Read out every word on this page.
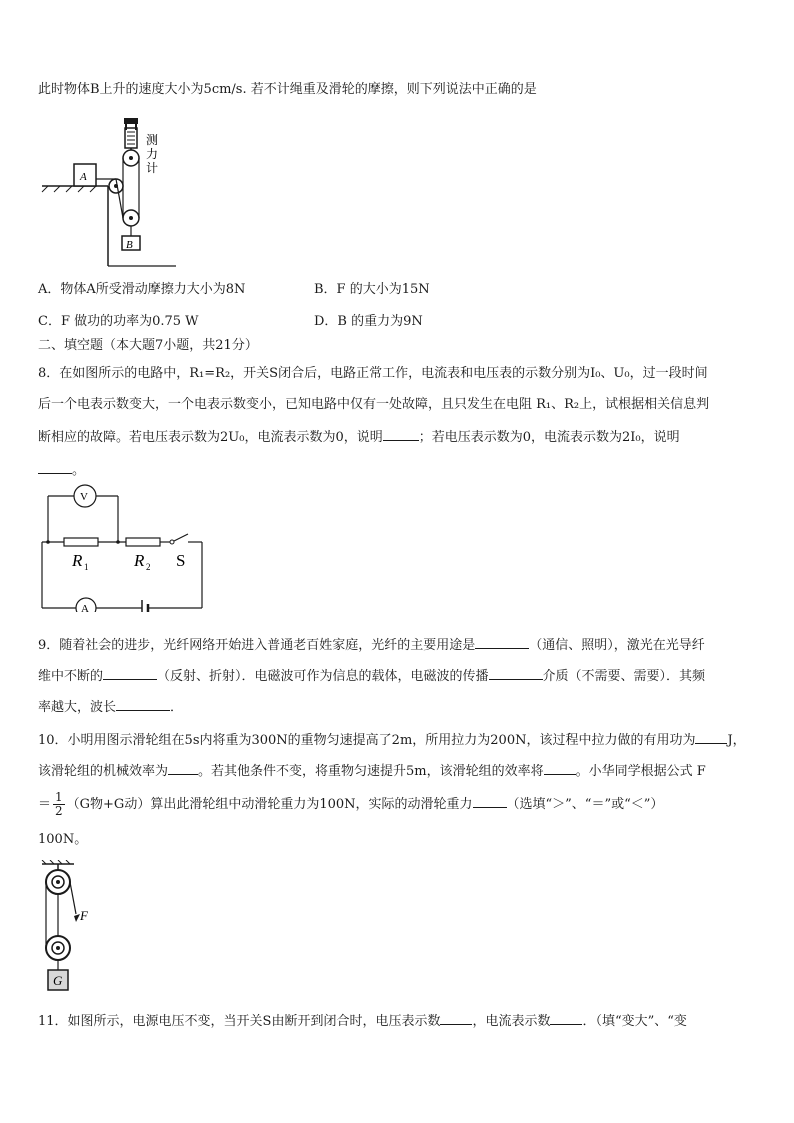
此时物体B上升的速度大小为5cm/s. 若不计绳重及滑轮的摩擦，则下列说法中正确的是
测
力
计
B
A
A．物体A所受滑动摩擦力大小为8N	B．F 的大小为15N
C．F 做功的功率为0.75 W	D．B 的重力为9N
二、填空题（本大题7小题，共21分）
8．在如图所示的电路中，R₁=R₂，开关S闭合后，电路正常工作，电流表和电压表的示数分别为I₀、U₀，过一段时间
后一个电表示数变大，一个电表示数变小，已知电路中仅有一处故障，且只发生在电阻 R₁、R₂上，试根据相关信息判
断相应的故障。若电压表示数为2U₀，电流表示数为0，说明	；若电压表示数为0，电流表示数为2I₀，说明
。
V
R 1	R 2 S
A
9．随着社会的进步，光纤网络开始进入普通老百姓家庭，光纤的主要用途是	（通信、照明），激光在光导纤
维中不断的	（反射、折射）．电磁波可作为信息的载体，电磁波的传播	介质（不需要、需要）．其频
率越大，波长	．
10．小明用图示滑轮组在5s内将重为300N的重物匀速提高了2m，所用拉力为200N，该过程中拉力做的有用功为 J，
该滑轮组的机械效率为 。若其他条件不变，将重物匀速提升5m，该滑轮组的效率将 。小华同学根据公式 F
＝ $\frac{1}{2} (G$物+G动）算出此滑轮组中动滑轮重力为100N，实际的动滑轮重力	（选填“＞”、“＝”或“＜”）
100N。
F
G
11．如图所示，电源电压不变，当开关S由断开到闭合时，电压表示数 ，电流表示数 ．（填“变大”、“变
